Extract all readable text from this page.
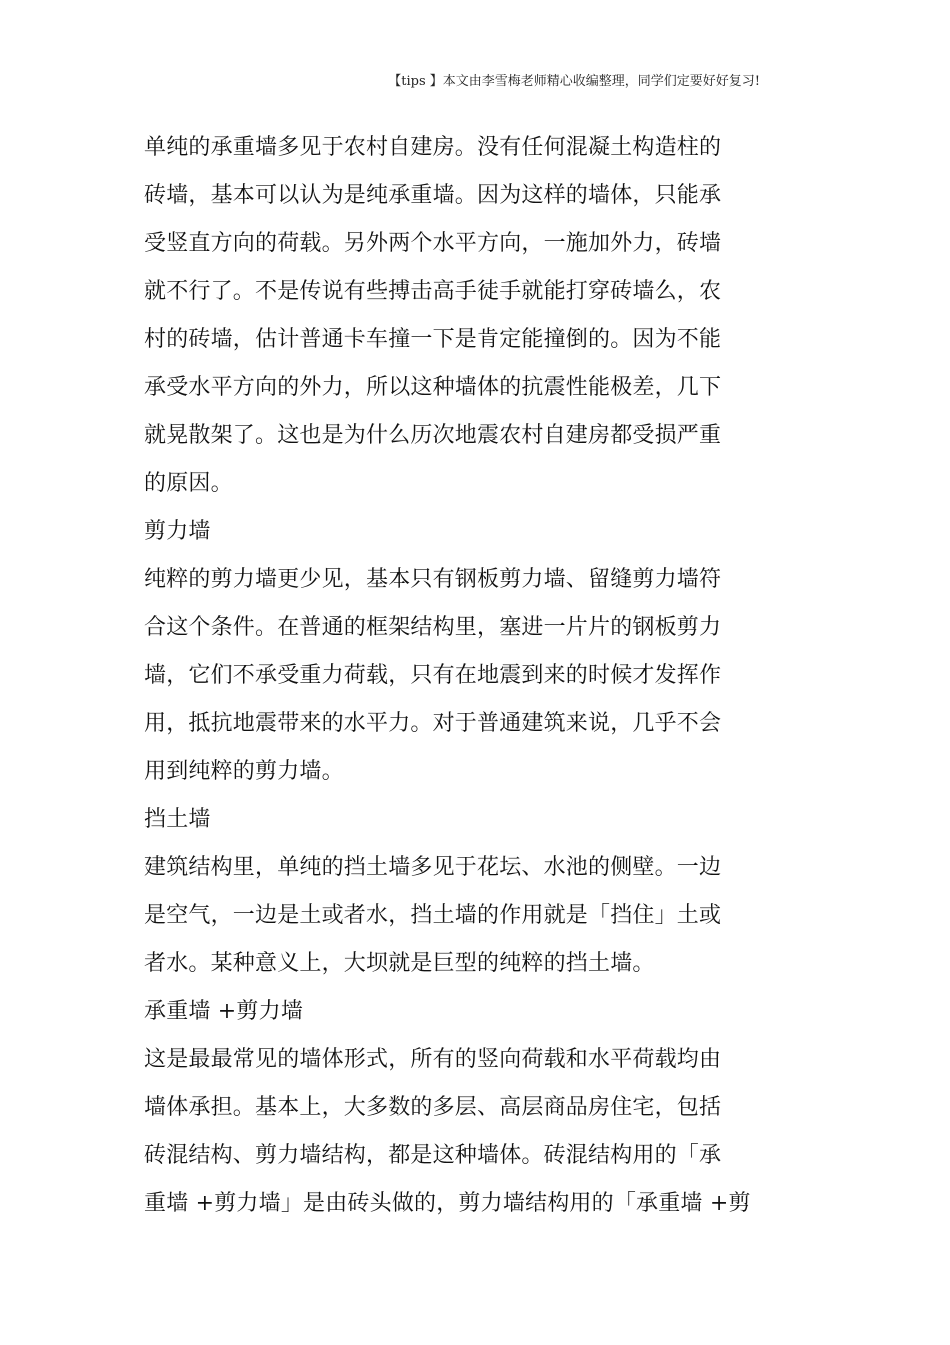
【tips 】本文由李雪梅老师精心收编整理，同学们定要好好复习!
单纯的承重墙多见于农村自建房。没有任何混凝土构造柱的
砖墙，基本可以认为是纯承重墙。因为这样的墙体，只能承
受竖直方向的荷载。另外两个水平方向，一施加外力，砖墙
就不行了。不是传说有些搏击高手徒手就能打穿砖墙么，农
村的砖墙，估计普通卡车撞一下是肯定能撞倒的。因为不能
承受水平方向的外力，所以这种墙体的抗震性能极差，几下
就晃散架了。这也是为什么历次地震农村自建房都受损严重
的原因。
剪力墙
纯粹的剪力墙更少见，基本只有钢板剪力墙、留缝剪力墙符
合这个条件。在普通的框架结构里，塞进一片片的钢板剪力
墙，它们不承受重力荷载，只有在地震到来的时候才发挥作
用，抵抗地震带来的水平力。对于普通建筑来说，几乎不会
用到纯粹的剪力墙。
挡土墙
建筑结构里，单纯的挡土墙多见于花坛、水池的侧壁。一边
是空气，一边是土或者水，挡土墙的作用就是「挡住」土或
者水。某种意义上，大坝就是巨型的纯粹的挡土墙。
承重墙 +剪力墙
这是最最常见的墙体形式，所有的竖向荷载和水平荷载均由
墙体承担。基本上，大多数的多层、高层商品房住宅，包括
砖混结构、剪力墙结构，都是这种墙体。砖混结构用的「承
重墙 +剪力墙」是由砖头做的，剪力墙结构用的「承重墙 +剪
